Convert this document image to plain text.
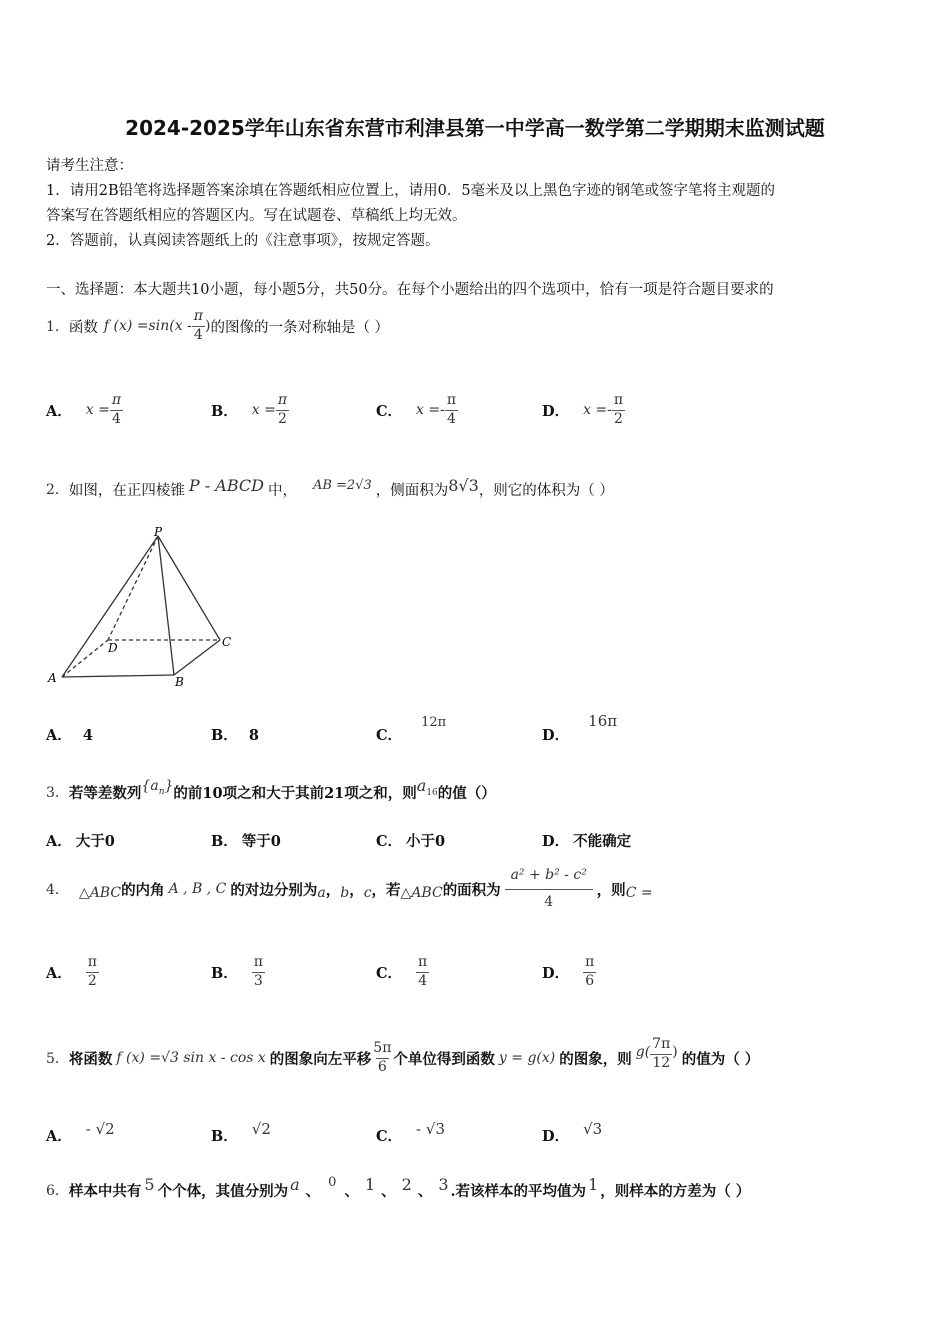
2024-2025学年山东省东营市利津县第一中学高一数学第二学期期末监测试题
请考生注意：
1．请用2B铅笔将选择题答案涂填在答题纸相应位置上，请用0．5毫米及以上黑色字迹的钢笔或签字笔将主观题的
答案写在答题纸相应的答题区内。写在试题卷、草稿纸上均无效。
2．答题前，认真阅读答题纸上的《注意事项》，按规定答题。
一、选择题：本大题共10小题，每小题5分，共50分。在每个小题给出的四个选项中，恰有一项是符合题目要求的
1． 函数 f $(x) =\sin(x - \frac{\pi}{4}$ ) 的图像的一条对称轴是（ ）
A． $x = \frac{\pi}{4}$	B． $x = \frac{\pi}{2}$	C． $x =- \frac{\pi}{4}$	D． $x =- \frac{\pi}{2}$
2． 如图，在正四棱锥 P - ABCD 中， AB =2√3 ，侧面积为 8√3 ，则它的体积为（ ）
P
A	B
C
D
A． 4	B． 8	C． $^{12\pi}$
D． 16π
3． 若等差数列 $\{a_n\}$ 的前10项之和大于其前21项之和，则 $a_{16}$ 的值（）
A． 大于0	B． 等于0	C． 小于0	D． 不能确定
4． △ABC 的内角 A , B , C 的对边分别为 a ， b ， c ，若 △ABC 的面积为 $\frac{\text{a² + b² - c²}}{4}$ ，则 C =
A． $\frac{\pi}{2}$	B． $\frac{\pi}{3}$	C． $\frac{\pi}{4}$	D． $\frac{\pi}{6}$
5． 将函数 f (x) =√3 sin x - cos x 的图象向左平移 $\frac{5\pi}{6}$ 个单位得到函数 y = g(x) 的图象，则 $g( \frac{7\pi}{12}$ ) 的值为（ ）
A． - √2	B． √2	C． - √3	D． √3
6． 样本中共有 5 个个体，其值分别为 a 、
0
、 1 、 2 、 3 .若该样本的平均值为 1 ，则样本的方差为（ ）
